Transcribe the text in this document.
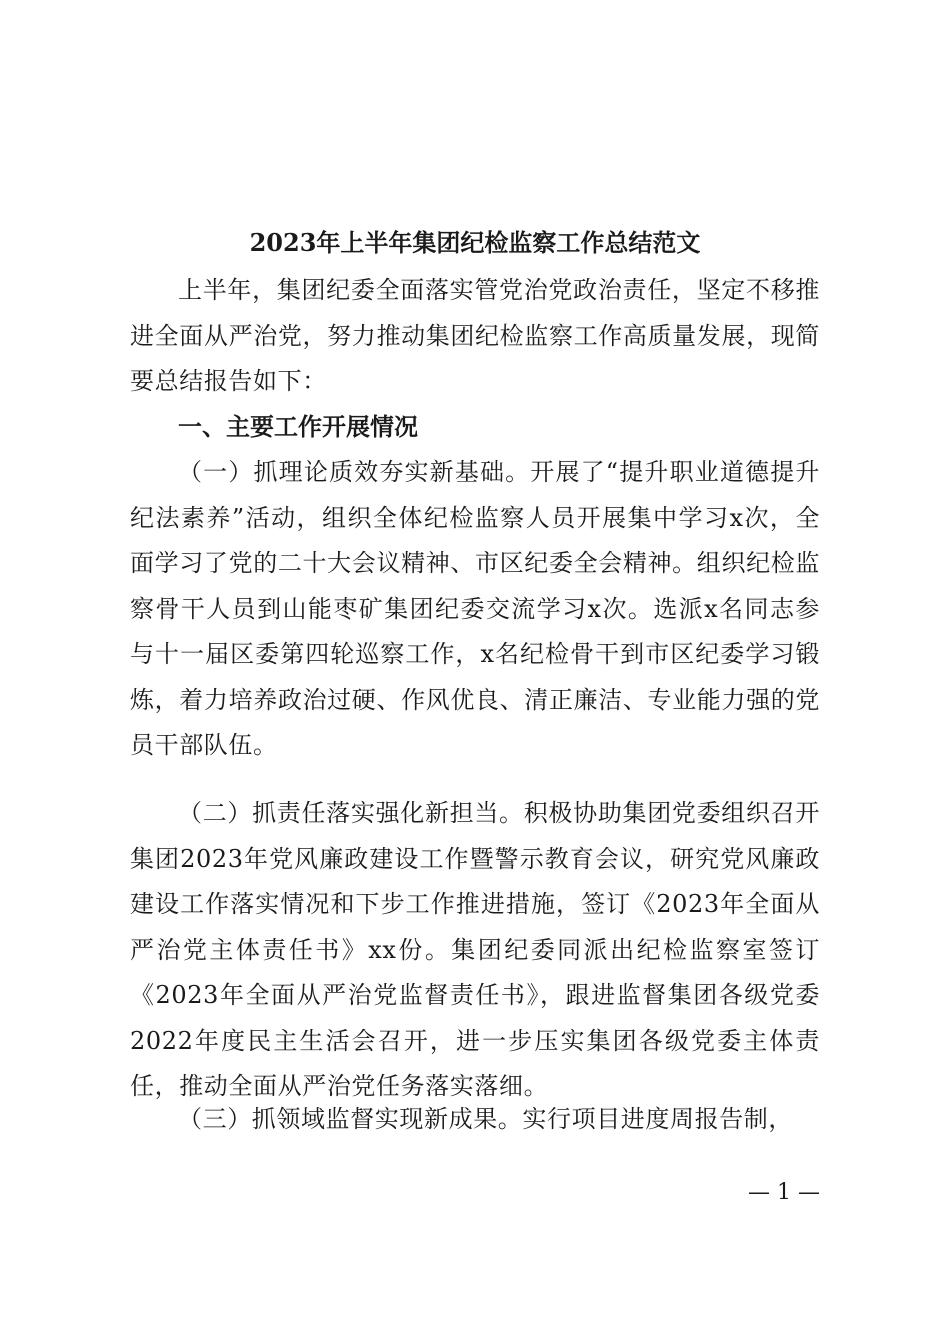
2023年上半年集团纪检监察工作总结范文

上半年，集团纪委全面落实管党治党政治责任，坚定不移推进全面从严治党，努力推动集团纪检监察工作高质量发展，现简要总结报告如下：

一、主要工作开展情况

（一）抓理论质效夯实新基础。开展了“提升职业道德提升纪法素养”活动，组织全体纪检监察人员开展集中学习x次，全面学习了党的二十大会议精神、市区纪委全会精神。组织纪检监察骨干人员到山能枣矿集团纪委交流学习x次。选派x名同志参与十一届区委第四轮巡察工作，x名纪检骨干到市区纪委学习锻炼，着力培养政治过硬、作风优良、清正廉洁、专业能力强的党员干部队伍。

（二）抓责任落实强化新担当。积极协助集团党委组织召开集团2023年党风廉政建设工作暨警示教育会议，研究党风廉政建设工作落实情况和下步工作推进措施，签订《2023年全面从严治党主体责任书》xx份。集团纪委同派出纪检监察室签订《2023年全面从严治党监督责任书》，跟进监督集团各级党委2022年度民主生活会召开，进一步压实集团各级党委主体责任，推动全面从严治党任务落实落细。

（三）抓领域监督实现新成果。实行项目进度周报告制，

— 1 —
